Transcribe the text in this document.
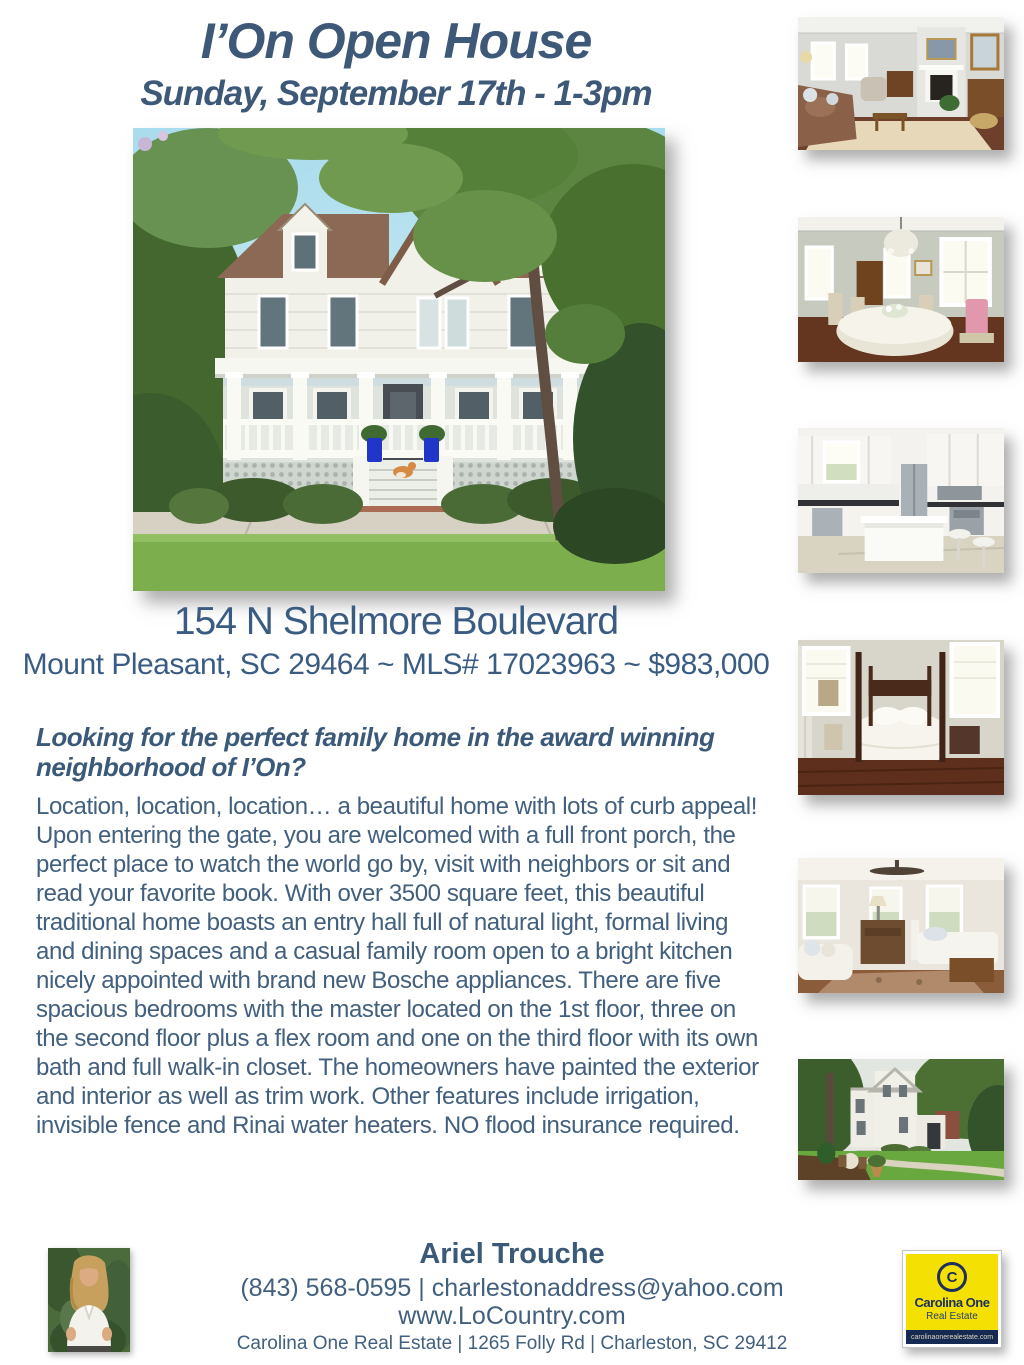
I’On Open House
Sunday, September 17th - 1-3pm
154 N Shelmore Boulevard
Mount Pleasant, SC 29464 ~ MLS# 17023963 ~ $983,000
Looking for the perfect family home in the award winning neighborhood of I’On?
Location, location, location… a beautiful home with lots of curb appeal! Upon entering the gate, you are welcomed with a full front porch, the perfect place to watch the world go by, visit with neighbors or sit and read your favorite book. With over 3500 square feet, this beautiful traditional home boasts an entry hall full of natural light, formal living and dining spaces and a casual family room open to a bright kitchen nicely appointed with brand new Bosche appliances. There are five spacious bedrooms with the master located on the 1st floor, three on the second floor plus a flex room and one on the third floor with its own bath and full walk-in closet. The homeowners have painted the exterior and interior as well as trim work. Other features include irrigation, invisible fence and Rinai water heaters. NO flood insurance required.
Ariel Trouche
(843) 568-0595 | charlestonaddress@yahoo.com
www.LoCountry.com
Carolina One Real Estate | 1265 Folly Rd | Charleston, SC 29412
C
Carolina One
Real Estate
carolinaonerealestate.com
